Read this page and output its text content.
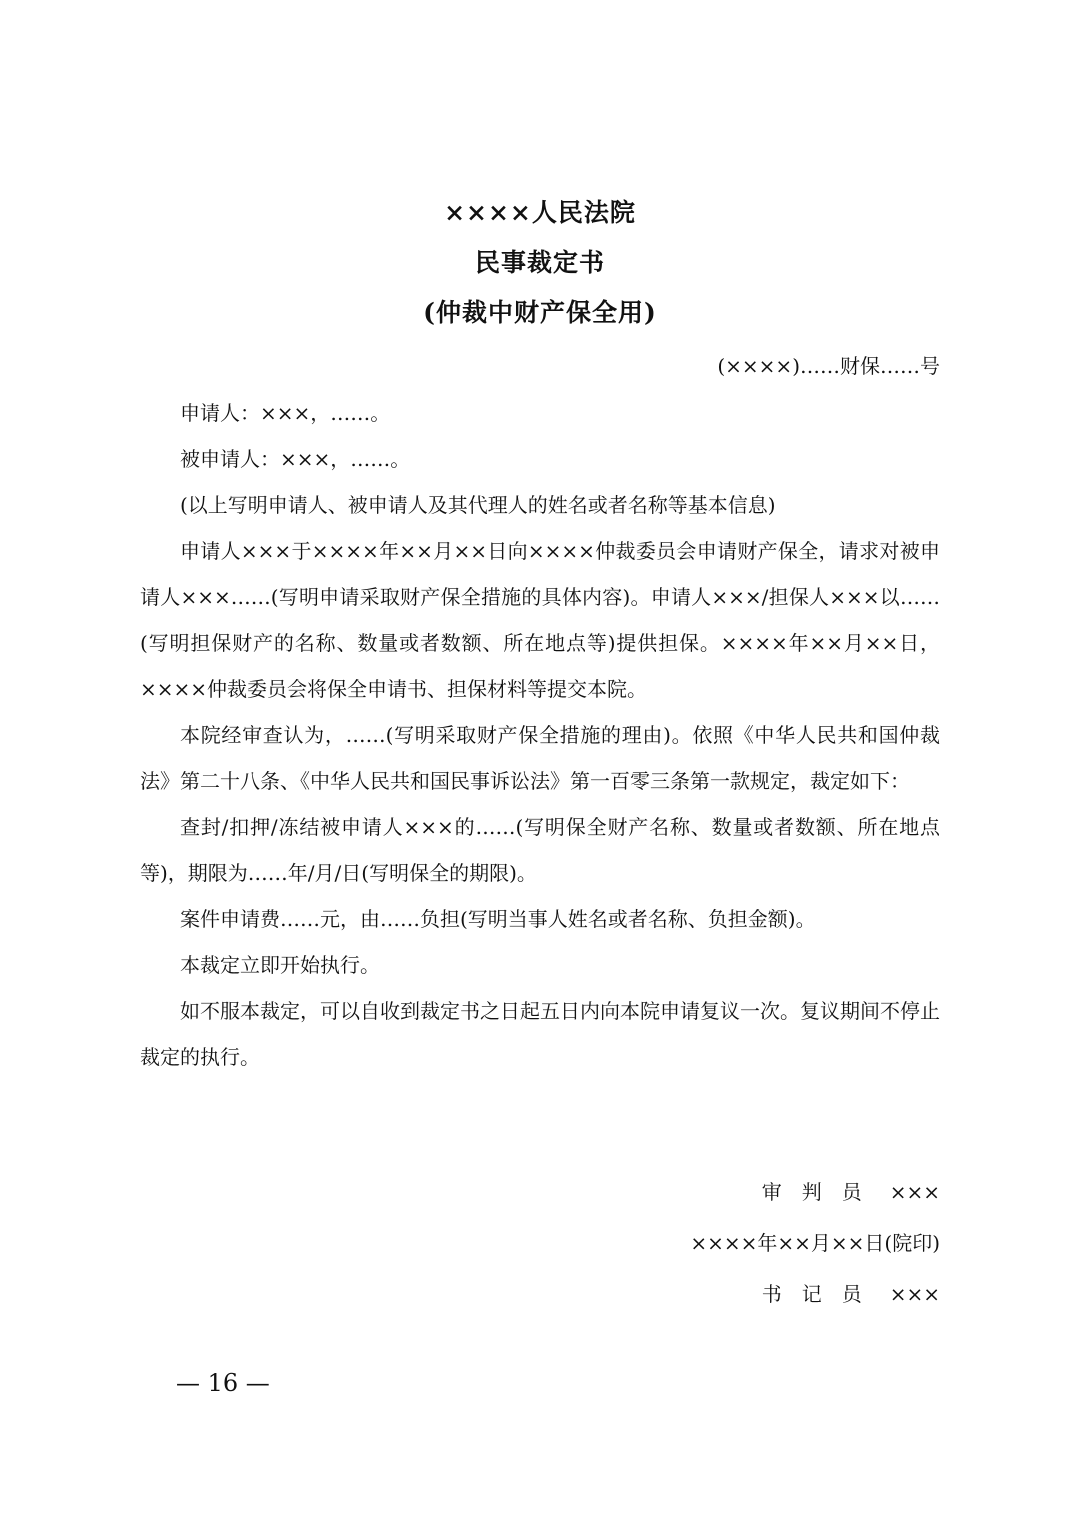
××××人民法院
民事裁定书
(仲裁中财产保全用)
(××××)……财保……号

申请人：×××，……。

被申请人：×××，……。

(以上写明申请人、被申请人及其代理人的姓名或者名称等基本信息)

申请人×××于××××年××月××日向××××仲裁委员会申请财产保全，请求对被申请人×××……(写明申请采取财产保全措施的具体内容)。申请人×××/担保人×××以……(写明担保财产的名称、数量或者数额、所在地点等)提供担保。××××年××月××日，××××仲裁委员会将保全申请书、担保材料等提交本院。

本院经审查认为，……(写明采取财产保全措施的理由)。依照《中华人民共和国仲裁法》第二十八条、《中华人民共和国民事诉讼法》第一百零三条第一款规定，裁定如下：

查封/扣押/冻结被申请人×××的……(写明保全财产名称、数量或者数额、所在地点等)，期限为……年/月/日(写明保全的期限)。

案件申请费……元，由……负担(写明当事人姓名或者名称、负担金额)。

本裁定立即开始执行。

如不服本裁定，可以自收到裁定书之日起五日内向本院申请复议一次。复议期间不停止裁定的执行。

审判员 ×××
××××年××月××日(院印)
书记员 ×××
— 16 —
